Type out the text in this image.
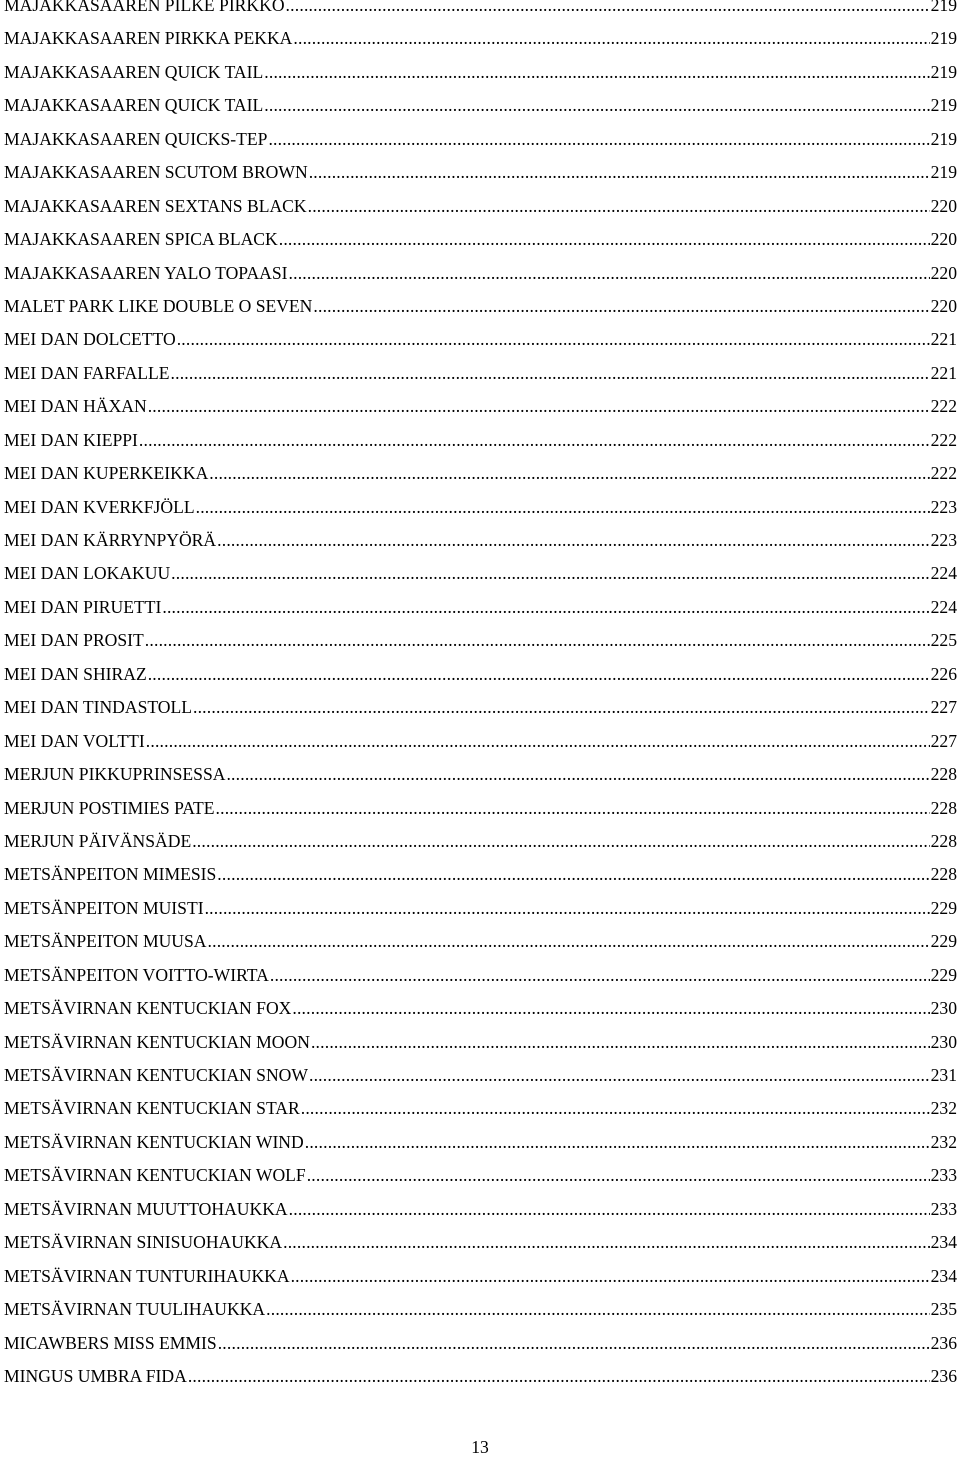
MAJAKKASAAREN PILKE PIRKKO .....	219
MAJAKKASAAREN PIRKKA PEKKA .....	219
MAJAKKASAAREN QUICK TAIL .....	219
MAJAKKASAAREN QUICK TAIL .....	219
MAJAKKASAAREN QUICKS-TEP .....	219
MAJAKKASAAREN SCUTOM BROWN .....	219
MAJAKKASAAREN SEXTANS BLACK .....	220
MAJAKKASAAREN SPICA BLACK .....	220
MAJAKKASAAREN YALO TOPAASI .....	220
MALET PARK LIKE DOUBLE O SEVEN .....	220
MEI DAN DOLCETTO .....	221
MEI DAN FARFALLE .....	221
MEI DAN HÄXAN .....	222
MEI DAN KIEPPI .....	222
MEI DAN KUPERKEIKKA .....	222
MEI DAN KVERKFJÖLL .....	223
MEI DAN KÄRRYNPYÖRÄ .....	223
MEI DAN LOKAKUU .....	224
MEI DAN PIRUETTI .....	224
MEI DAN PROSIT .....	225
MEI DAN SHIRAZ .....	226
MEI DAN TINDASTOLL .....	227
MEI DAN VOLTTI .....	227
MERJUN PIKKUPRINSESSA .....	228
MERJUN POSTIMIES PATE .....	228
MERJUN PÄIVÄNSÄDE .....	228
METSÄNPEITON MIMESIS .....	228
METSÄNPEITON MUISTI .....	229
METSÄNPEITON MUUSA .....	229
METSÄNPEITON VOITTO-WIRTA .....	229
METSÄVIRNAN KENTUCKIAN FOX .....	230
METSÄVIRNAN KENTUCKIAN MOON .....	230
METSÄVIRNAN KENTUCKIAN SNOW .....	231
METSÄVIRNAN KENTUCKIAN STAR .....	232
METSÄVIRNAN KENTUCKIAN WIND .....	232
METSÄVIRNAN KENTUCKIAN WOLF .....	233
METSÄVIRNAN MUUTTOHAUKKA .....	233
METSÄVIRNAN SINISUOHAUKKA .....	234
METSÄVIRNAN TUNTURIHAUKKA .....	234
METSÄVIRNAN TUULIHAUKKA .....	235
MICAWBERS MISS EMMIS .....	236
MINGUS UMBRA FIDA .....	236
13
